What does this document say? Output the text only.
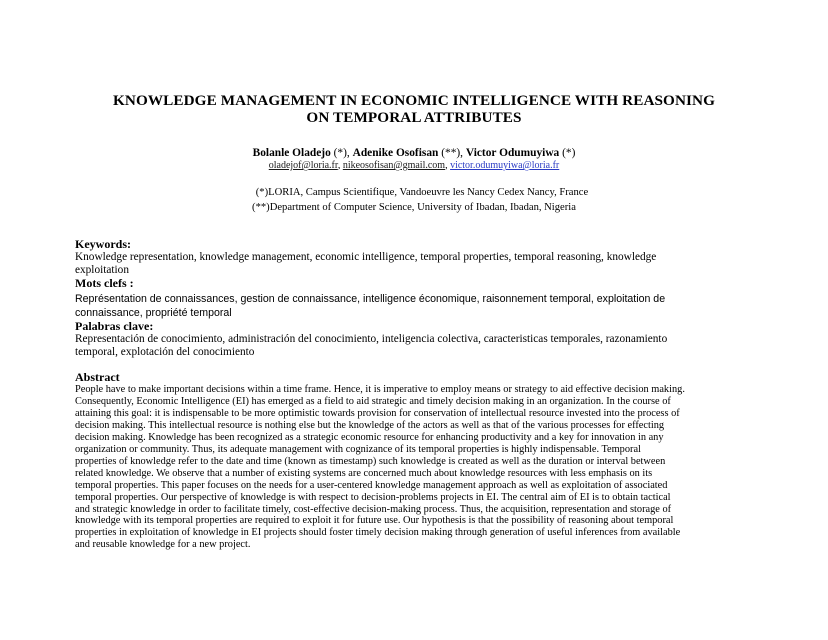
KNOWLEDGE MANAGEMENT IN ECONOMIC INTELLIGENCE WITH REASONING
ON TEMPORAL ATTRIBUTES
Bolanle Oladejo (*), Adenike Osofisan (**), Victor Odumuyiwa (*)
oladejof@loria.fr, nikeosofisan@gmail.com, victor.odumuyiwa@loria.fr
(*)LORIA, Campus Scientifique, Vandoeuvre les Nancy Cedex Nancy, France
(**)Department of Computer Science, University of Ibadan, Ibadan, Nigeria
Keywords:
Knowledge representation, knowledge management, economic intelligence, temporal properties, temporal reasoning, knowledge
exploitation
Mots clefs :
Représentation de connaissances, gestion de connaissance, intelligence économique, raisonnement temporal, exploitation de
connaissance, propriété temporal
Palabras clave:
Representación de conocimiento, administración del conocimiento, inteligencia colectiva, caracteristicas temporales, razonamiento
temporal, explotación del conocimiento
Abstract
People have to make important decisions within a time frame. Hence, it is imperative to employ means or strategy to aid effective decision making.
Consequently, Economic Intelligence (EI) has emerged as a field to aid strategic and timely decision making in an organization. In the course of
attaining this goal: it is indispensable to be more optimistic towards provision for conservation of intellectual resource invested into the process of
decision making. This intellectual resource is nothing else but the knowledge of the actors as well as that of the various processes for effecting
decision making. Knowledge has been recognized as a strategic economic resource for enhancing productivity and a key for innovation in any
organization or community. Thus, its adequate management with cognizance of its temporal properties is highly indispensable. Temporal
properties of knowledge refer to the date and time (known as timestamp) such knowledge is created as well as the duration or interval between
related knowledge. We observe that a number of existing systems are concerned much about knowledge resources with less emphasis on its
temporal properties. This paper focuses on the needs for a user-centered knowledge management approach as well as exploitation of associated
temporal properties. Our perspective of knowledge is with respect to decision-problems projects in EI. The central aim of EI is to obtain tactical
and strategic knowledge in order to facilitate timely, cost-effective decision-making process. Thus, the acquisition, representation and storage of
knowledge with its temporal properties are required to exploit it for future use. Our hypothesis is that the possibility of reasoning about temporal
properties in exploitation of knowledge in EI projects should foster timely decision making through generation of useful inferences from available
and reusable knowledge for a new project.
